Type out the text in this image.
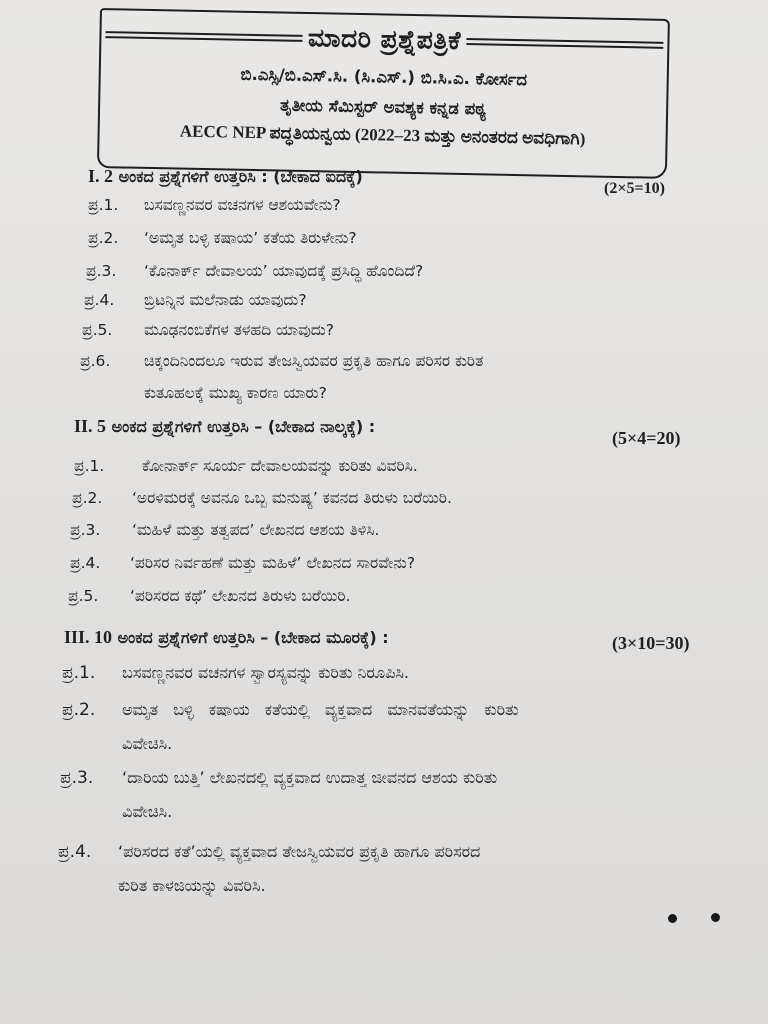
ಮಾದರಿ ಪ್ರಶ್ನೆಪತ್ರಿಕೆ
ಬಿ.ಎಸ್ಸಿ/ಬಿ.ಎಸ್.ಸಿ. (ಸಿ.ಎಸ್.) ಬಿ.ಸಿ.ಎ. ಕೋರ್ಸದ
ತೃತೀಯ ಸೆಮಿಸ್ಟರ್ ಅವಶ್ಯಕ ಕನ್ನಡ ಪಠ್ಯ
AECC NEP ಪದ್ಧತಿಯನ್ವಯ (2022–23 ಮತ್ತು ಅನಂತರದ ಅವಧಿಗಾಗಿ)
I. 2 ಅಂಕದ ಪ್ರಶ್ನೆಗಳಿಗೆ ಉತ್ತರಿಸಿ : (ಬೇಕಾದ ಐದಕ್ಕೆ)
(2×5=10)
ಪ್ರ.1. ಬಸವಣ್ಣನವರ ವಚನಗಳ ಆಶಯವೇನು?
ಪ್ರ.2. ‘ಅಮೃತ ಬಳ್ಳಿ ಕಷಾಯ’ ಕತೆಯ ತಿರುಳೇನು?
ಪ್ರ.3. ‘ಕೊನಾರ್ಕ್ ದೇವಾಲಯ’ ಯಾವುದಕ್ಕೆ ಪ್ರಸಿದ್ಧಿ ಹೊಂದಿದೆ?
ಪ್ರ.4. ಬ್ರಿಟನ್ನಿನ ಮಲೆನಾಡು ಯಾವುದು?
ಪ್ರ.5. ಮೂಢನಂಬಿಕೆಗಳ ತಳಹದಿ ಯಾವುದು?
ಪ್ರ.6. ಚಿಕ್ಕಂದಿನಿಂದಲೂ ಇರುವ ತೇಜಸ್ವಿಯವರ ಪ್ರಕೃತಿ ಹಾಗೂ ಪರಿಸರ ಕುರಿತ
ಕುತೂಹಲಕ್ಕೆ ಮುಖ್ಯ ಕಾರಣ ಯಾರು?
II. 5 ಅಂಕದ ಪ್ರಶ್ನೆಗಳಿಗೆ ಉತ್ತರಿಸಿ – (ಬೇಕಾದ ನಾಲ್ಕಕ್ಕೆ) :
(5×4=20)
ಪ್ರ.1. ಕೋನಾರ್ಕ್ ಸೂರ್ಯ ದೇವಾಲಯವನ್ನು ಕುರಿತು ವಿವರಿಸಿ.
ಪ್ರ.2. ‘ಅರಳಿಮರಕ್ಕೆ ಅವನೂ ಒಬ್ಬ ಮನುಷ್ಯ’ ಕವನದ ತಿರುಳು ಬರೆಯಿರಿ.
ಪ್ರ.3. ‘ಮಹಿಳೆ ಮತ್ತು ತತ್ವಪದ’ ಲೇಖನದ ಆಶಯ ತಿಳಿಸಿ.
ಪ್ರ.4. ‘ಪರಿಸರ ನಿರ್ವಹಣೆ ಮತ್ತು ಮಹಿಳೆ’ ಲೇಖನದ ಸಾರವೇನು?
ಪ್ರ.5. ‘ಪರಿಸರದ ಕಥೆ’ ಲೇಖನದ ತಿರುಳು ಬರೆಯಿರಿ.
III. 10 ಅಂಕದ ಪ್ರಶ್ನೆಗಳಿಗೆ ಉತ್ತರಿಸಿ – (ಬೇಕಾದ ಮೂರಕ್ಕೆ) :	(3×10=30)
ಪ್ರ.1. ಬಸವಣ್ಣನವರ ವಚನಗಳ ಸ್ವಾರಸ್ಯವನ್ನು ಕುರಿತು ನಿರೂಪಿಸಿ.
ಪ್ರ.2. ಅಮೃತ ಬಳ್ಳಿ ಕಷಾಯ ಕತೆಯಲ್ಲಿ ವ್ಯಕ್ತವಾದ ಮಾನವತೆಯನ್ನು ಕುರಿತು
ವಿವೇಚಿಸಿ.
ಪ್ರ.3. ‘ದಾರಿಯ ಬುತ್ತಿ’ ಲೇಖನದಲ್ಲಿ ವ್ಯಕ್ತವಾದ ಉದಾತ್ತ ಜೀವನದ ಆಶಯ ಕುರಿತು
ವಿವೇಚಿಸಿ.
ಪ್ರ.4. ‘ಪರಿಸರದ ಕತೆ’ಯಲ್ಲಿ ವ್ಯಕ್ತವಾದ ತೇಜಸ್ವಿಯವರ ಪ್ರಕೃತಿ ಹಾಗೂ ಪರಿಸರದ
ಕುರಿತ ಕಾಳಜಿಯನ್ನು ವಿವರಿಸಿ.
